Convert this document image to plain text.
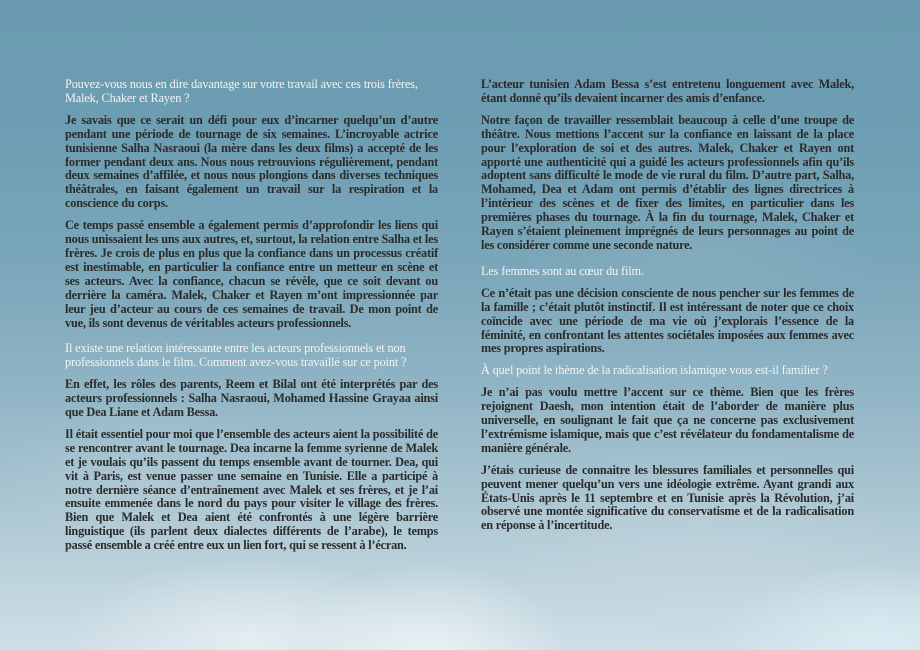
Pouvez-vous nous en dire davantage sur votre travail avec ces trois frères, Malek, Chaker et Rayen ?

Je savais que ce serait un défi pour eux d’incarner quelqu’un d’autre pendant une période de tournage de six semaines. L’incroyable actrice tunisienne Salha Nasraoui (la mère dans les deux films) a accepté de les former pendant deux ans. Nous nous retrouvions régulièrement, pendant deux semaines d’affilée, et nous nous plongions dans diverses techniques théâtrales, en faisant également un travail sur la respiration et la conscience du corps.

Ce temps passé ensemble a également permis d’approfondir les liens qui nous unissaient les uns aux autres, et, surtout, la relation entre Salha et les frères. Je crois de plus en plus que la confiance dans un processus créatif est inestimable, en particulier la confiance entre un metteur en scène et ses acteurs. Avec la confiance, chacun se révèle, que ce soit devant ou derrière la caméra. Malek, Chaker et Rayen m’ont impressionnée par leur jeu d’acteur au cours de ces semaines de travail. De mon point de vue, ils sont devenus de véritables acteurs professionnels.

Il existe une relation intéressante entre les acteurs professionnels et non professionnels dans le film. Comment avez-vous travaillé sur ce point ?

En effet, les rôles des parents, Reem et Bilal ont été interprétés par des acteurs professionnels : Salha Nasraoui, Mohamed Hassine Grayaa ainsi que Dea Liane et Adam Bessa.

Il était essentiel pour moi que l’ensemble des acteurs aient la possibilité de se rencontrer avant le tournage. Dea incarne la femme syrienne de Malek et je voulais qu’ils passent du temps ensemble avant de tourner. Dea, qui vit à Paris, est venue passer une semaine en Tunisie. Elle a participé à notre dernière séance d’entraînement avec Malek et ses frères, et je l’ai ensuite emmenée dans le nord du pays pour visiter le village des frères. Bien que Malek et Dea aient été confrontés à une légère barrière linguistique (ils parlent deux dialectes différents de l’arabe), le temps passé ensemble a créé entre eux un lien fort, qui se ressent à l’écran.

L’acteur tunisien Adam Bessa s’est entretenu longuement avec Malek, étant donné qu’ils devaient incarner des amis d’enfance.

Notre façon de travailler ressemblait beaucoup à celle d’une troupe de théâtre. Nous mettions l’accent sur la confiance en laissant de la place pour l’exploration de soi et des autres. Malek, Chaker et Rayen ont apporté une authenticité qui a guidé les acteurs professionnels afin qu’ils adoptent sans difficulté le mode de vie rural du film. D’autre part, Salha, Mohamed, Dea et Adam ont permis d’établir des lignes directrices à l’intérieur des scènes et de fixer des limites, en particulier dans les premières phases du tournage. À la fin du tournage, Malek, Chaker et Rayen s’étaient pleinement imprégnés de leurs personnages au point de les considérer comme une seconde nature.

Les femmes sont au cœur du film.

Ce n’était pas une décision consciente de nous pencher sur les femmes de la famille ; c’était plutôt instinctif. Il est intéressant de noter que ce choix coïncide avec une période de ma vie où j’explorais l’essence de la féminité, en confrontant les attentes sociétales imposées aux femmes avec mes propres aspirations.

À quel point le thème de la radicalisation islamique vous est-il familier ?

Je n’ai pas voulu mettre l’accent sur ce thème. Bien que les frères rejoignent Daesh, mon intention était de l’aborder de manière plus universelle, en soulignant le fait que ça ne concerne pas exclusivement l’extrémisme islamique, mais que c’est révélateur du fondamentalisme de manière générale.

J’étais curieuse de connaitre les blessures familiales et personnelles qui peuvent mener quelqu’un vers une idéologie extrême. Ayant grandi aux États-Unis après le 11 septembre et en Tunisie après la Révolution, j’ai observé une montée significative du conservatisme et de la radicalisation en réponse à l’incertitude.
